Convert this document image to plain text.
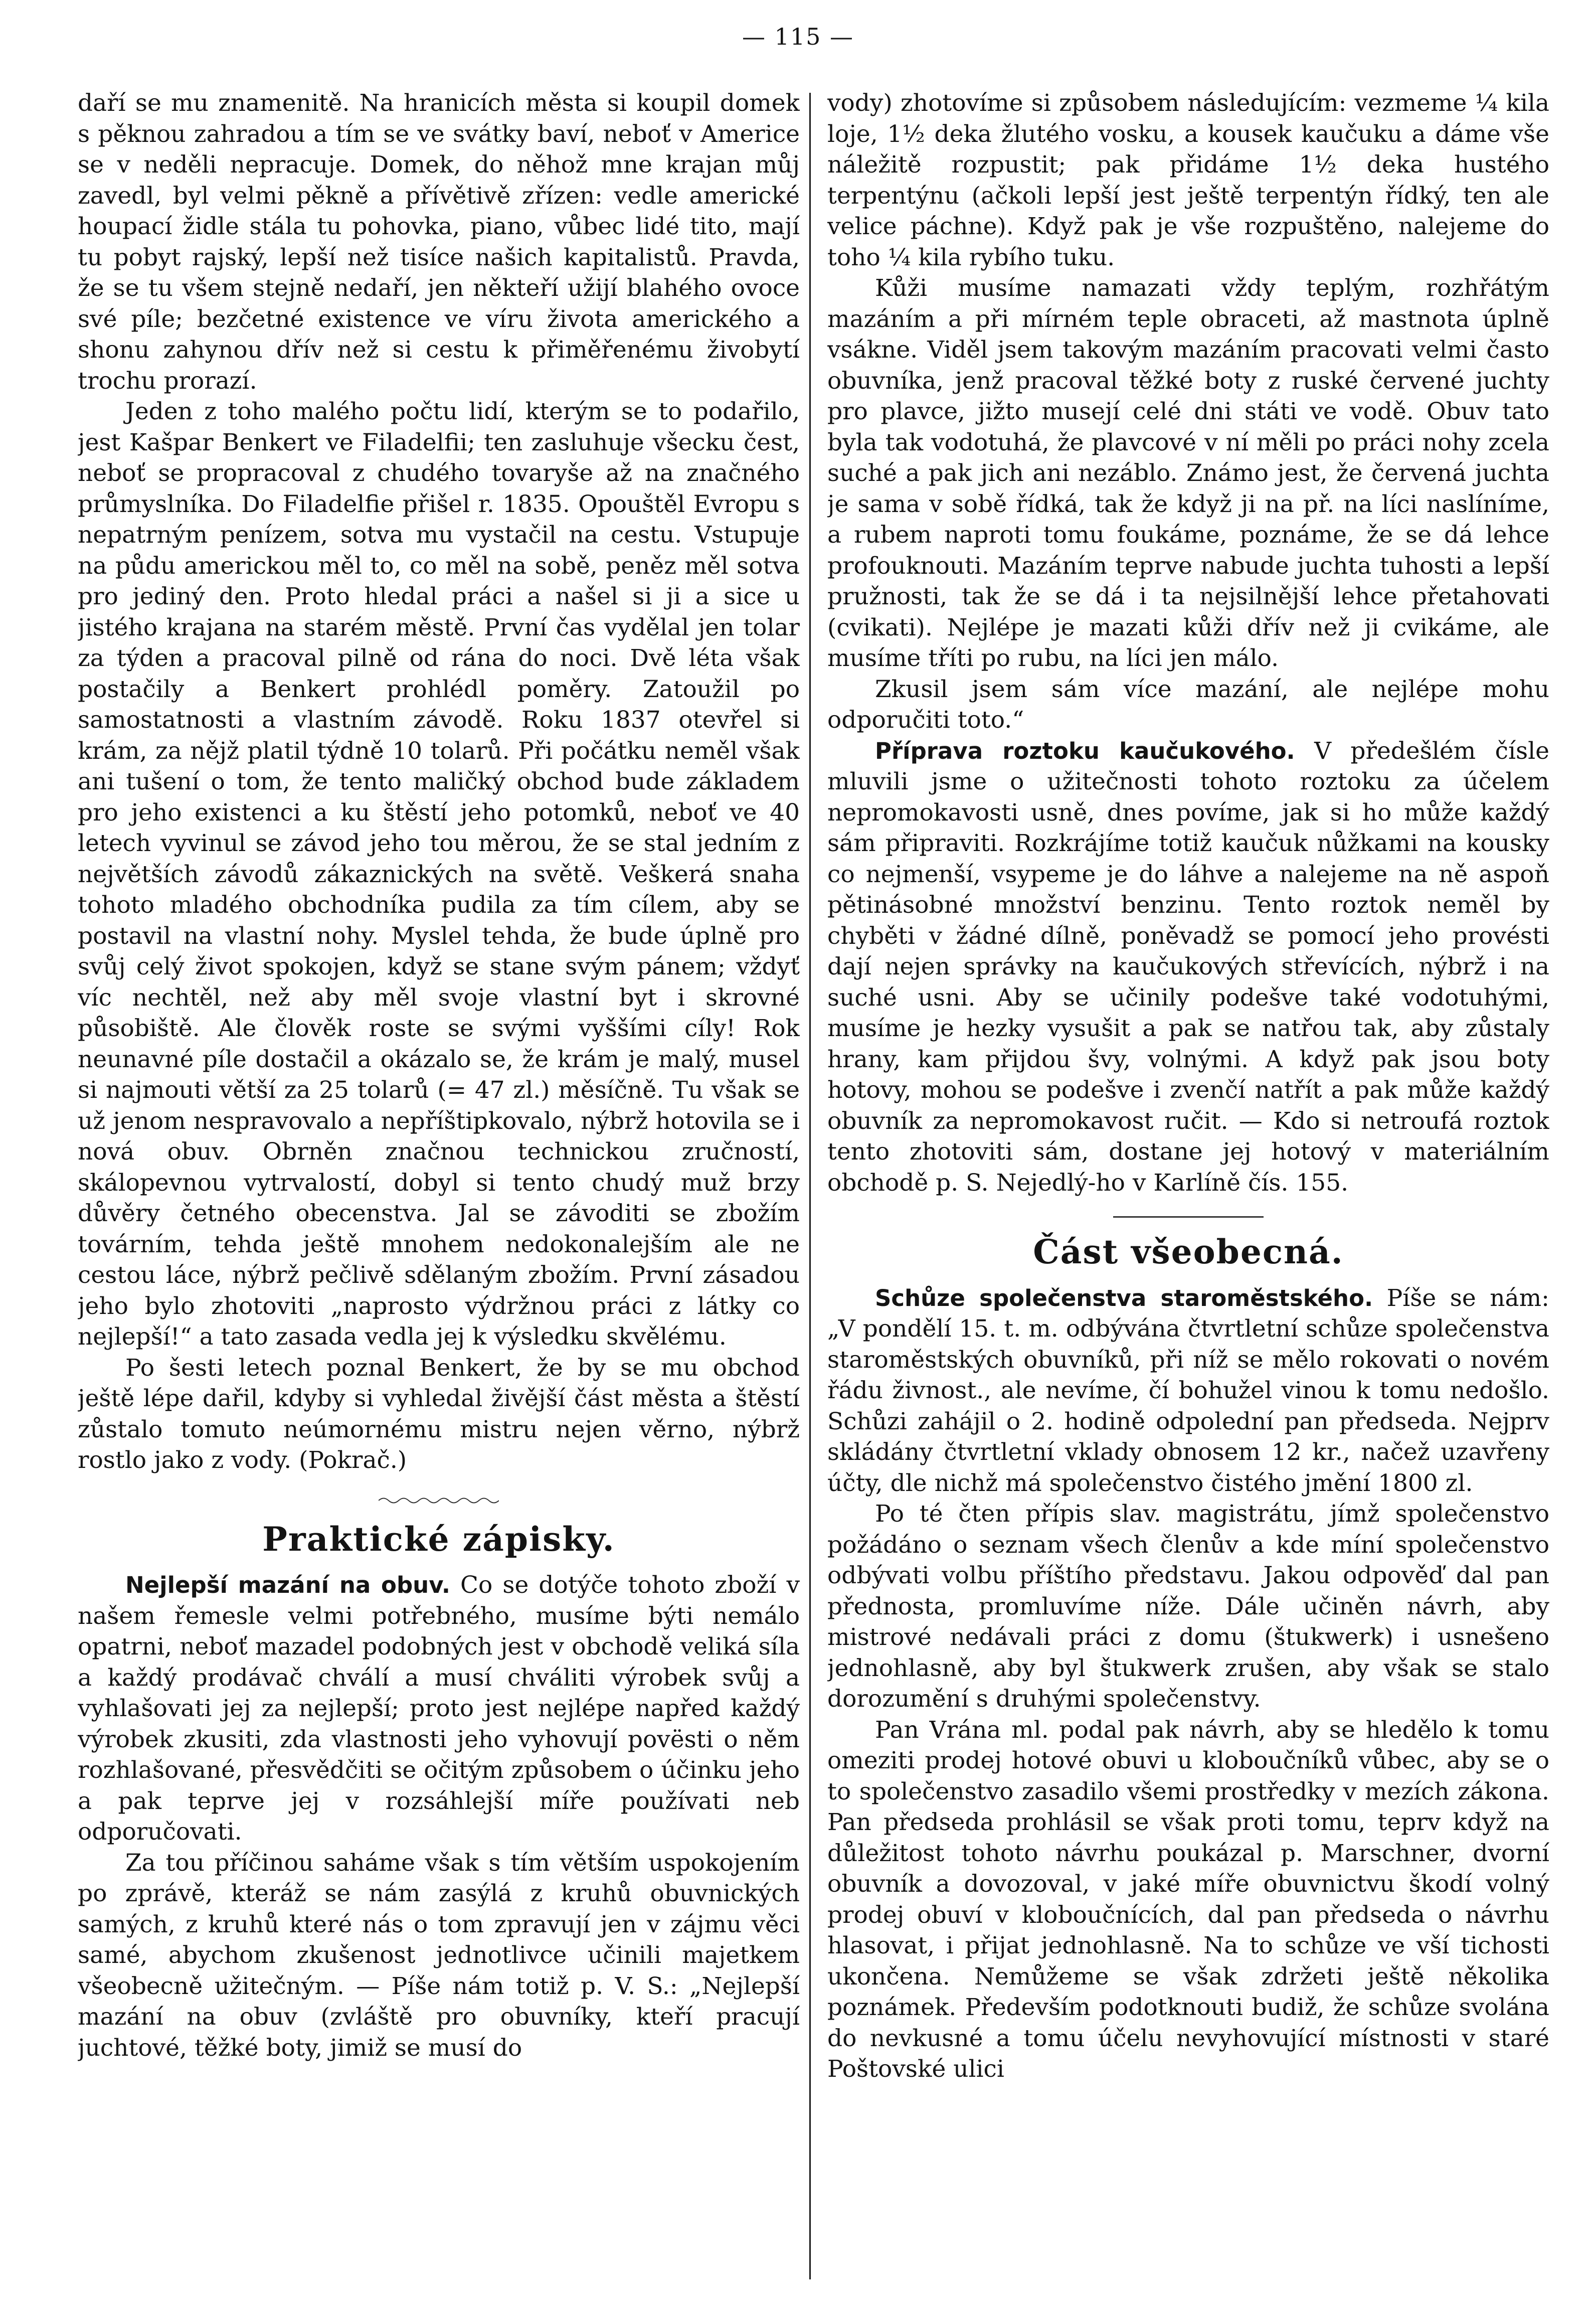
— 115 —

daří se mu znamenitě. Na hranicích města si koupil domek s pěknou zahradou a tím se ve svátky baví, neboť v Americe se v neděli nepracuje. Domek, do něhož mne krajan můj zavedl, byl velmi pěkně a přívětivě zřízen: vedle americké houpací židle stála tu pohovka, piano, vůbec lidé tito, mají tu pobyt rajský, lepší než tisíce našich kapitalistů. Pravda, že se tu všem stejně nedaří, jen někteří užijí blahého ovoce své píle; bezčetné existence ve víru života amerického a shonu zahynou dřív než si cestu k přiměřenému živobytí trochu prorazí.

Jeden z toho malého počtu lidí, kterým se to podařilo, jest Kašpar Benkert ve Filadelfii; ten zasluhuje všecku čest, neboť se propracoval z chudého tovaryše až na značného průmyslníka. Do Filadelfie přišel r. 1835. Opouštěl Evropu s nepatrným penízem, sotva mu vystačil na cestu. Vstupuje na půdu americkou měl to, co měl na sobě, peněz měl sotva pro jediný den. Proto hledal práci a našel si ji a sice u jistého krajana na starém městě. První čas vydělal jen tolar za týden a pracoval pilně od rána do noci. Dvě léta však postačily a Benkert prohlédl poměry. Zatoužil po samostatnosti a vlastním závodě. Roku 1837 otevřel si krám, za nějž platil týdně 10 tolarů. Při počátku neměl však ani tušení o tom, že tento maličký obchod bude základem pro jeho existenci a ku štěstí jeho potomků, neboť ve 40 letech vyvinul se závod jeho tou měrou, že se stal jedním z největších závodů zákaznických na světě. Veškerá snaha tohoto mladého obchodníka pudila za tím cílem, aby se postavil na vlastní nohy. Myslel tehda, že bude úplně pro svůj celý život spokojen, když se stane svým pánem; vždyť víc nechtěl, než aby měl svoje vlastní byt i skrovné působiště. Ale člověk roste se svými vyššími cíly! Rok neunavné píle dostačil a okázalo se, že krám je malý, musel si najmouti větší za 25 tolarů (= 47 zl.) měsíčně. Tu však se už jenom nespravovalo a nepříštipkovalo, nýbrž hotovila se i nová obuv. Obrněn značnou technickou zručností, skálopevnou vytrvalostí, dobyl si tento chudý muž brzy důvěry četného obecenstva. Jal se závoditi se zbožím továrním, tehda ještě mnohem nedokonalejším ale ne cestou láce, nýbrž pečlivě sdělaným zbožím. První zásadou jeho bylo zhotoviti „naprosto výdržnou práci z látky co nejlepší!“ a tato zasada vedla jej k výsledku skvělému.

Po šesti letech poznal Benkert, že by se mu obchod ještě lépe dařil, kdyby si vyhledal živější část města a štěstí zůstalo tomuto neúmornému mistru nejen věrno, nýbrž rostlo jako z vody. (Pokrač.)

Praktické zápisky.

Nejlepší mazání na obuv. Co se dotýče tohoto zboží v našem řemesle velmi potřebného, musíme býti nemálo opatrni, neboť mazadel podobných jest v obchodě veliká síla a každý prodávač chválí a musí chváliti výrobek svůj a vyhlašovati jej za nejlepší; proto jest nejlépe napřed každý výrobek zkusiti, zda vlastnosti jeho vyhovují povësti o něm rozhlašované, přesvědčiti se očitým způsobem o účinku jeho a pak teprve jej v rozsáhlejší míře používati neb odporučovati.

Za tou příčinou saháme však s tím větším uspokojením po zprávě, kteráž se nám zasýlá z kruhů obuvnických samých, z kruhů které nás o tom zpravují jen v zájmu věci samé, abychom zkušenost jednotlivce učinili majetkem všeobecně užitečným. — Píše nám totiž p. V. S.: „Nejlepší mazání na obuv (zvláště pro obuvníky, kteří pracují juchtové, těžké boty, jimiž se musí do

vody) zhotovíme si způsobem následujícím: vezmeme ¼ kila loje, 1½ deka žlutého vosku, a kousek kaučuku a dáme vše náležitě rozpustit; pak přidáme 1½ deka hustého terpentýnu (ačkoli lepší jest ještě terpentýn řídký, ten ale velice páchne). Když pak je vše rozpuštěno, nalejeme do toho ¼ kila rybího tuku.

Kůži musíme namazati vždy teplým, rozhřátým mazáním a při mírném teple obraceti, až mastnota úplně vsákne. Viděl jsem takovým mazáním pracovati velmi často obuvníka, jenž pracoval těžké boty z ruské červené juchty pro plavce, jižto musejí celé dni státi ve vodě. Obuv tato byla tak vodotuhá, že plavcové v ní měli po práci nohy zcela suché a pak jich ani nezáblo. Známo jest, že červená juchta je sama v sobě řídká, tak že když ji na př. na líci naslíníme, a rubem naproti tomu foukáme, poznáme, že se dá lehce profouknouti. Mazáním teprve nabude juchta tuhosti a lepší pružnosti, tak že se dá i ta nejsilnější lehce přetahovati (cvikati). Nejlépe je mazati kůži dřív než ji cvikáme, ale musíme tříti po rubu, na líci jen málo.

Zkusil jsem sám více mazání, ale nejlépe mohu odporučiti toto.“

Příprava roztoku kaučukového. V předešlém čísle mluvili jsme o užitečnosti tohoto roztoku za účelem nepromokavosti usně, dnes povíme, jak si ho může každý sám připraviti. Rozkrájíme totiž kaučuk nůžkami na kousky co nejmenší, vsypeme je do láhve a nalejeme na ně aspoň pětinásobné množství benzinu. Tento roztok neměl by chyběti v žádné dílně, poněvadž se pomocí jeho provésti dají nejen správky na kaučukových střevících, nýbrž i na suché usni. Aby se učinily podešve také vodotuhými, musíme je hezky vysušit a pak se natřou tak, aby zůstaly hrany, kam přijdou švy, volnými. A když pak jsou boty hotovy, mohou se podešve i zvenčí natřít a pak může každý obuvník za nepromokavost ručit. — Kdo si netroufá roztok tento zhotoviti sám, dostane jej hotový v materiálním obchodě p. S. Nejedlý-ho v Karlíně čís. 155.

Část všeobecná.

Schůze společenstva staroměstského. Píše se nám: „V pondělí 15. t. m. odbývána čtvrtletní schůze společenstva staroměstských obuvníků, při níž se mělo rokovati o novém řádu živnost., ale nevíme, čí bohužel vinou k tomu nedošlo. Schůzi zahájil o 2. hodině odpolední pan předseda. Nejprv skládány čtvrtletní vklady obnosem 12 kr., načež uzavřeny účty, dle nichž má společenstvo čistého jmění 1800 zl.

Po té čten přípis slav. magistrátu, jímž společenstvo požádáno o seznam všech členův a kde míní společenstvo odbývati volbu příštího představu. Jakou odpověď dal pan přednosta, promluvíme níže. Dále učiněn návrh, aby mistrové nedávali práci z domu (štukwerk) i usnešeno jednohlasně, aby byl štukwerk zrušen, aby však se stalo dorozumění s druhými společenstvy.

Pan Vrána ml. podal pak návrh, aby se hledělo k tomu omeziti prodej hotové obuvi u kloboučníků vůbec, aby se o to společenstvo zasadilo všemi prostředky v mezích zákona. Pan předseda prohlásil se však proti tomu, teprv když na důležitost tohoto návrhu poukázal p. Marschner, dvorní obuvník a dovozoval, v jaké míře obuvnictvu škodí volný prodej obuví v kloboučnících, dal pan předseda o návrhu hlasovat, i přijat jednohlasně. Na to schůze ve vší tichosti ukončena. Nemůžeme se však zdržeti ještě několika poznámek. Především podotknouti budiž, že schůze svolána do nevkusné a tomu účelu nevyhovující místnosti v staré Poštovské ulici
